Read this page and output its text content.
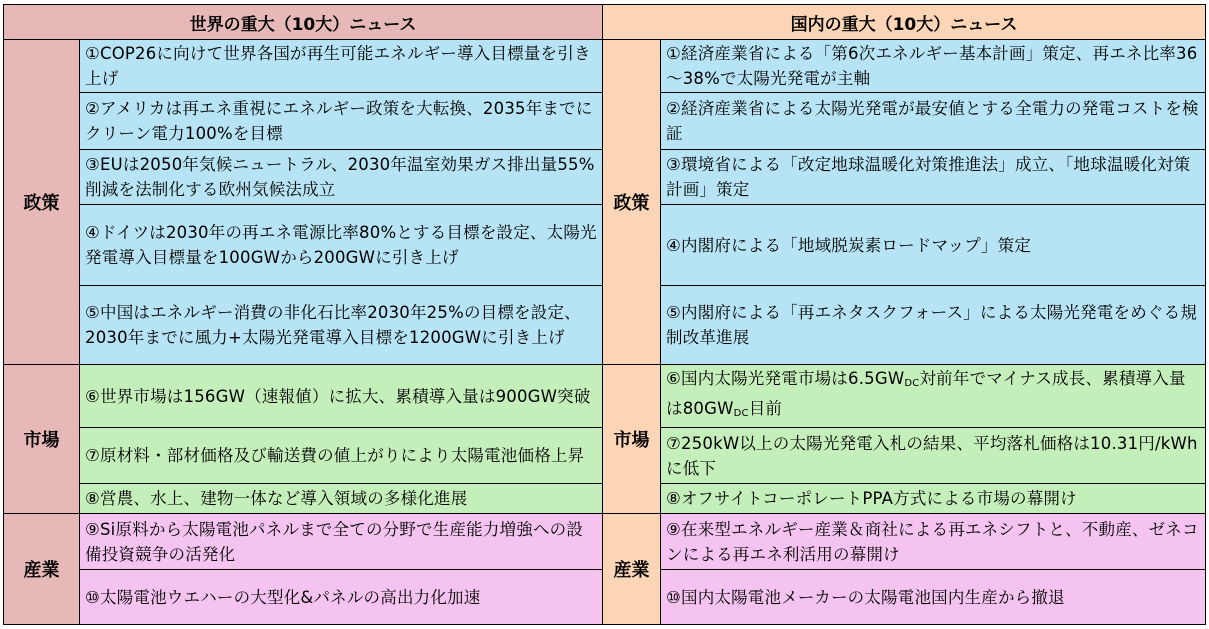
世界の重大（10大）ニュース		国内の重大（10大）ニュース	
政策	①COP26に向けて世界各国が再生可能エネルギー導入目標量を引き上げ	政策	①経済産業省による「第6次エネルギー基本計画」策定、再エネ比率36～38%で太陽光発電が主軸
	②アメリカは再エネ重視にエネルギー政策を大転換、2035年までにクリーン電力100%を目標		②経済産業省による太陽光発電が最安値とする全電力の発電コストを検証
	③EUは2050年気候ニュートラル、2030年温室効果ガス排出量55%削減を法制化する欧州気候法成立		③環境省による「改定地球温暖化対策推進法」成立、「地球温暖化対策計画」策定
	④ドイツは2030年の再エネ電源比率80%とする目標を設定、太陽光発電導入目標量を100GWから200GWに引き上げ		④内閣府による「地域脱炭素ロードマップ」策定
	⑤中国はエネルギー消費の非化石比率2030年25%の目標を設定、2030年までに風力+太陽光発電導入目標を1200GWに引き上げ		⑤内閣府による「再エネタスクフォース」による太陽光発電をめぐる規制改革進展
市場	⑥世界市場は156GW（速報値）に拡大、累積導入量は900GW突破	市場	⑥国内太陽光発電市場は$6.5GW_{DC}$対前年でマイナス成長、累積導入量は$80GW_{DC}$目前
	⑦原材料・部材価格及び輸送費の値上がりにより太陽電池価格上昇		⑦250kW以上の太陽光発電入札の結果、平均落札価格は10.31円/kWhに低下
	⑧営農、水上、建物一体など導入領域の多様化進展		⑧オフサイトコーポレートPPA方式による市場の幕開け
産業	⑨Si原料から太陽電池パネルまで全ての分野で生産能力増強への設備投資競争の活発化	産業	⑨在来型エネルギー産業＆商社による再エネシフトと、不動産、ゼネコンによる再エネ利活用の幕開け
	⑩太陽電池ウエハーの大型化&パネルの高出力化加速		⑩国内太陽電池メーカーの太陽電池国内生産から撤退
